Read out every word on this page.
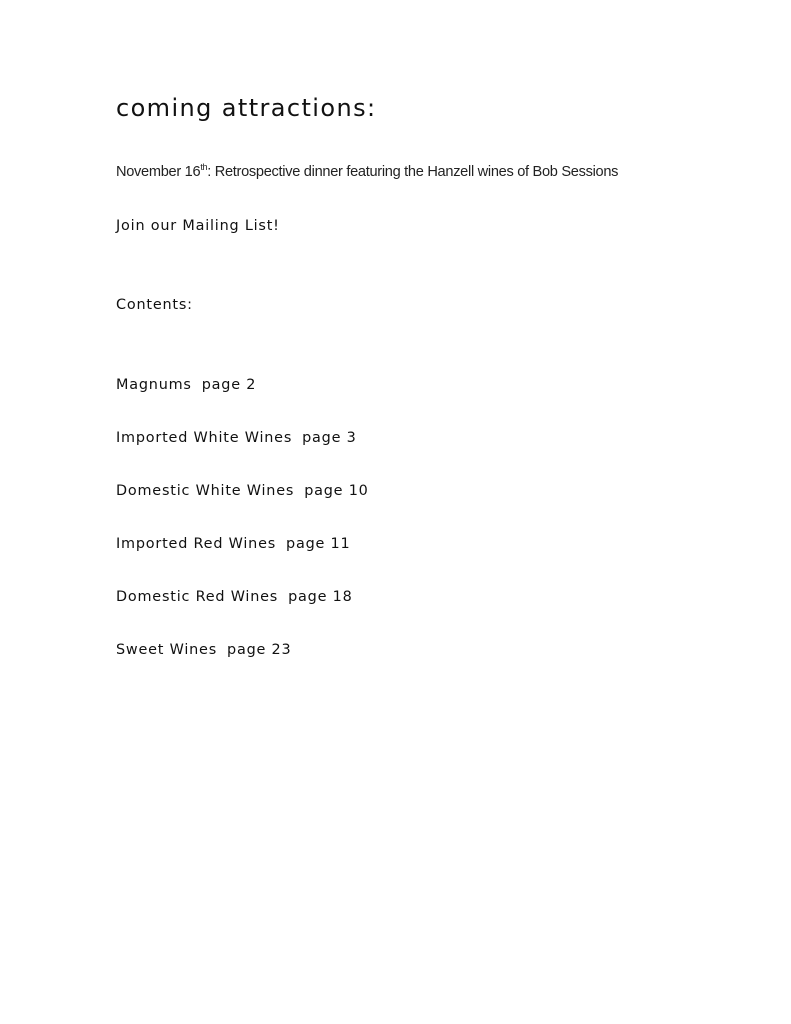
coming attractions:

November 16th: Retrospective dinner featuring the Hanzell wines of Bob Sessions

Join our Mailing List!

Contents:

Magnums page 2
Imported White Wines page 3
Domestic White Wines page 10
Imported Red Wines page 11
Domestic Red Wines page 18
Sweet Wines page 23
